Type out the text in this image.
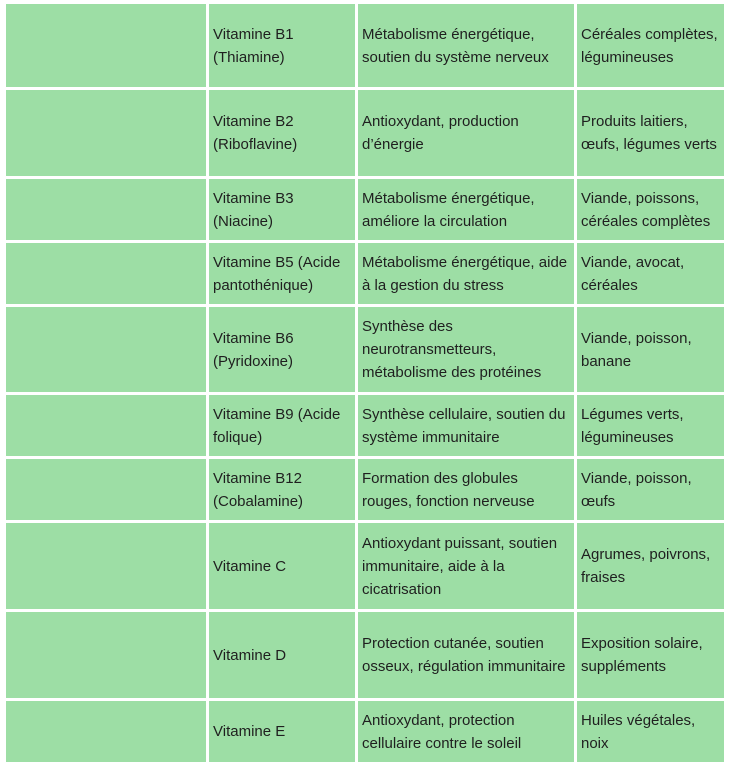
	Vitamine B1 (Thiamine)	Métabolisme énergétique, soutien du système nerveux	Céréales complètes, légumineuses
	Vitamine B2 (Riboflavine)	Antioxydant, production d’énergie	Produits laitiers, œufs, légumes verts
	Vitamine B3 (Niacine)	Métabolisme énergétique, améliore la circulation	Viande, poissons, céréales complètes
	Vitamine B5 (Acide pantothénique)	Métabolisme énergétique, aide à la gestion du stress	Viande, avocat, céréales
	Vitamine B6 (Pyridoxine)	Synthèse des neurotransmetteurs, métabolisme des protéines	Viande, poisson, banane
	Vitamine B9 (Acide folique)	Synthèse cellulaire, soutien du système immunitaire	Légumes verts, légumineuses
	Vitamine B12 (Cobalamine)	Formation des globules rouges, fonction nerveuse	Viande, poisson, œufs
	Vitamine C	Antioxydant puissant, soutien immunitaire, aide à la cicatrisation	Agrumes, poivrons, fraises
	Vitamine D	Protection cutanée, soutien osseux, régulation immunitaire	Exposition solaire, suppléments
	Vitamine E	Antioxydant, protection cellulaire contre le soleil	Huiles végétales, noix
